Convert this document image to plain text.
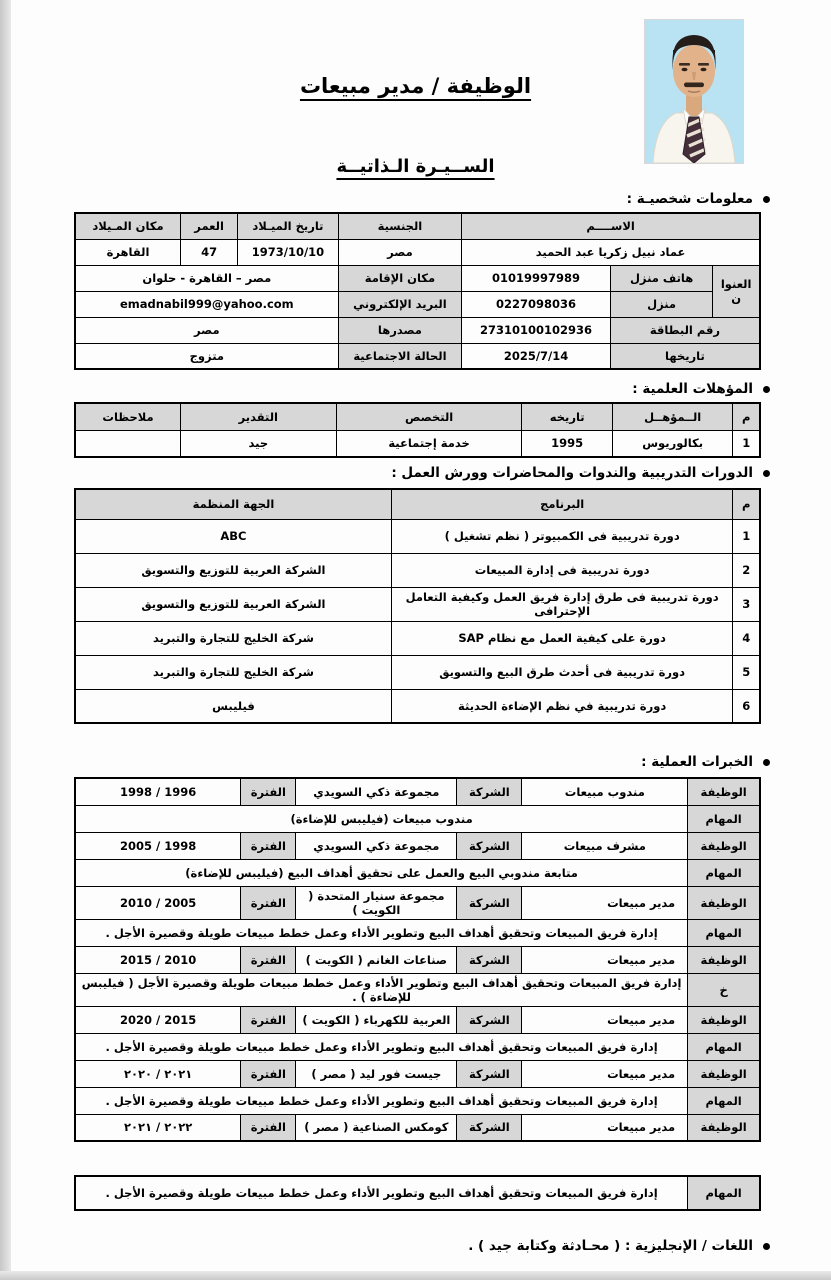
الوظيفة / مدير مبيعات
الســيـرة الـذاتيــة
معلومات شخصيـة :
الاســــم			الجنسية	تاريخ الميـلاد	العمر	مكان المـيلاد
عماد نبيل زكريا عبد الحميد			مصر	1973/10/10	47	القاهرة
العنوان	هاتف منزل	01019997989	مكان الإقامة	مصر – القاهرة - حلوان		
	منزل	0227098036	البريد الإلكتروني	emadnabil999@yahoo.com		
رقم البطاقة		27310100102936	مصدرها	مصر		
تاريخها		2025/7/14	الحالة الاجتماعية	متزوج		
المؤهلات العلمية :
م	الــمؤهــل	تاريخه	التخصص	التقدير	ملاحظات
1	بكالوريوس	1995	خدمة إجتماعية	جيد	
الدورات التدريبية والندوات والمحاضرات وورش العمل :
م	البرنامج	الجهة المنظمة
1	دورة تدريبية فى الكمبيوتر ( نظم تشغيل )	ABC
2	دورة تدريبية فى إدارة المبيعات	الشركة العربية للتوزيع والتسويق
3	دورة تدريبية فى طرق إدارة فريق العمل وكيفية التعامل الإحترافى	الشركة العربية للتوزيع والتسويق
4	دورة على كيفية العمل مع نظام SAP	شركة الخليج للتجارة والتبريد
5	دورة تدريبية فى أحدث طرق البيع والتسويق	شركة الخليج للتجارة والتبريد
6	دورة تدريبية في نظم الإضاءة الحديثة	فيليبس
الخبرات العملية :
الوظيفة	مندوب مبيعات	الشركة	مجموعة ذكي السويدي	الفترة	1998 / 1996
المهام	مندوب مبيعات (فيليبس للإضاءة)				
الوظيفة	مشرف مبيعات	الشركة	مجموعة ذكي السويدي	الفترة	2005 / 1998
المهام	متابعة مندوبي البيع والعمل على تحقيق أهداف البيع (فيليبس للإضاءة)				
الوظيفة	مدير مبيعات	الشركة	مجموعة سنيار المتحدة ( الكويت )	الفترة	2010 / 2005
المهام	إدارة فريق المبيعات وتحقيق أهداف البيع وتطوير الأداء وعمل خطط مبيعات طويلة وقصيرة الأجل .				
الوظيفة	مدير مبيعات	الشركة	صناعات الغانم ( الكويت )	الفترة	2015 / 2010
خ	إدارة فريق المبيعات وتحقيق أهداف البيع وتطوير الأداء وعمل خطط مبيعات طويلة وقصيرة الأجل ( فيليبس للإضاءة ) .				
الوظيفة	مدير مبيعات	الشركة	العربية للكهرباء ( الكويت )	الفترة	2020 / 2015
المهام	إدارة فريق المبيعات وتحقيق أهداف البيع وتطوير الأداء وعمل خطط مبيعات طويلة وقصيرة الأجل .				
الوظيفة	مدير مبيعات	الشركة	جيست فور ليد ( مصر )	الفترة	٢٠٢١ / ٢٠٢٠
المهام	إدارة فريق المبيعات وتحقيق أهداف البيع وتطوير الأداء وعمل خطط مبيعات طويلة وقصيرة الأجل .				
الوظيفة	مدير مبيعات	الشركة	كومكس الصناعية ( مصر )	الفترة	٢٠٢٢ / ٢٠٢١
المهام	إدارة فريق المبيعات وتحقيق أهداف البيع وتطوير الأداء وعمل خطط مبيعات طويلة وقصيرة الأجل .
اللغات / الإنجليزية : ( محـادثة وكتابة جيد ) .
